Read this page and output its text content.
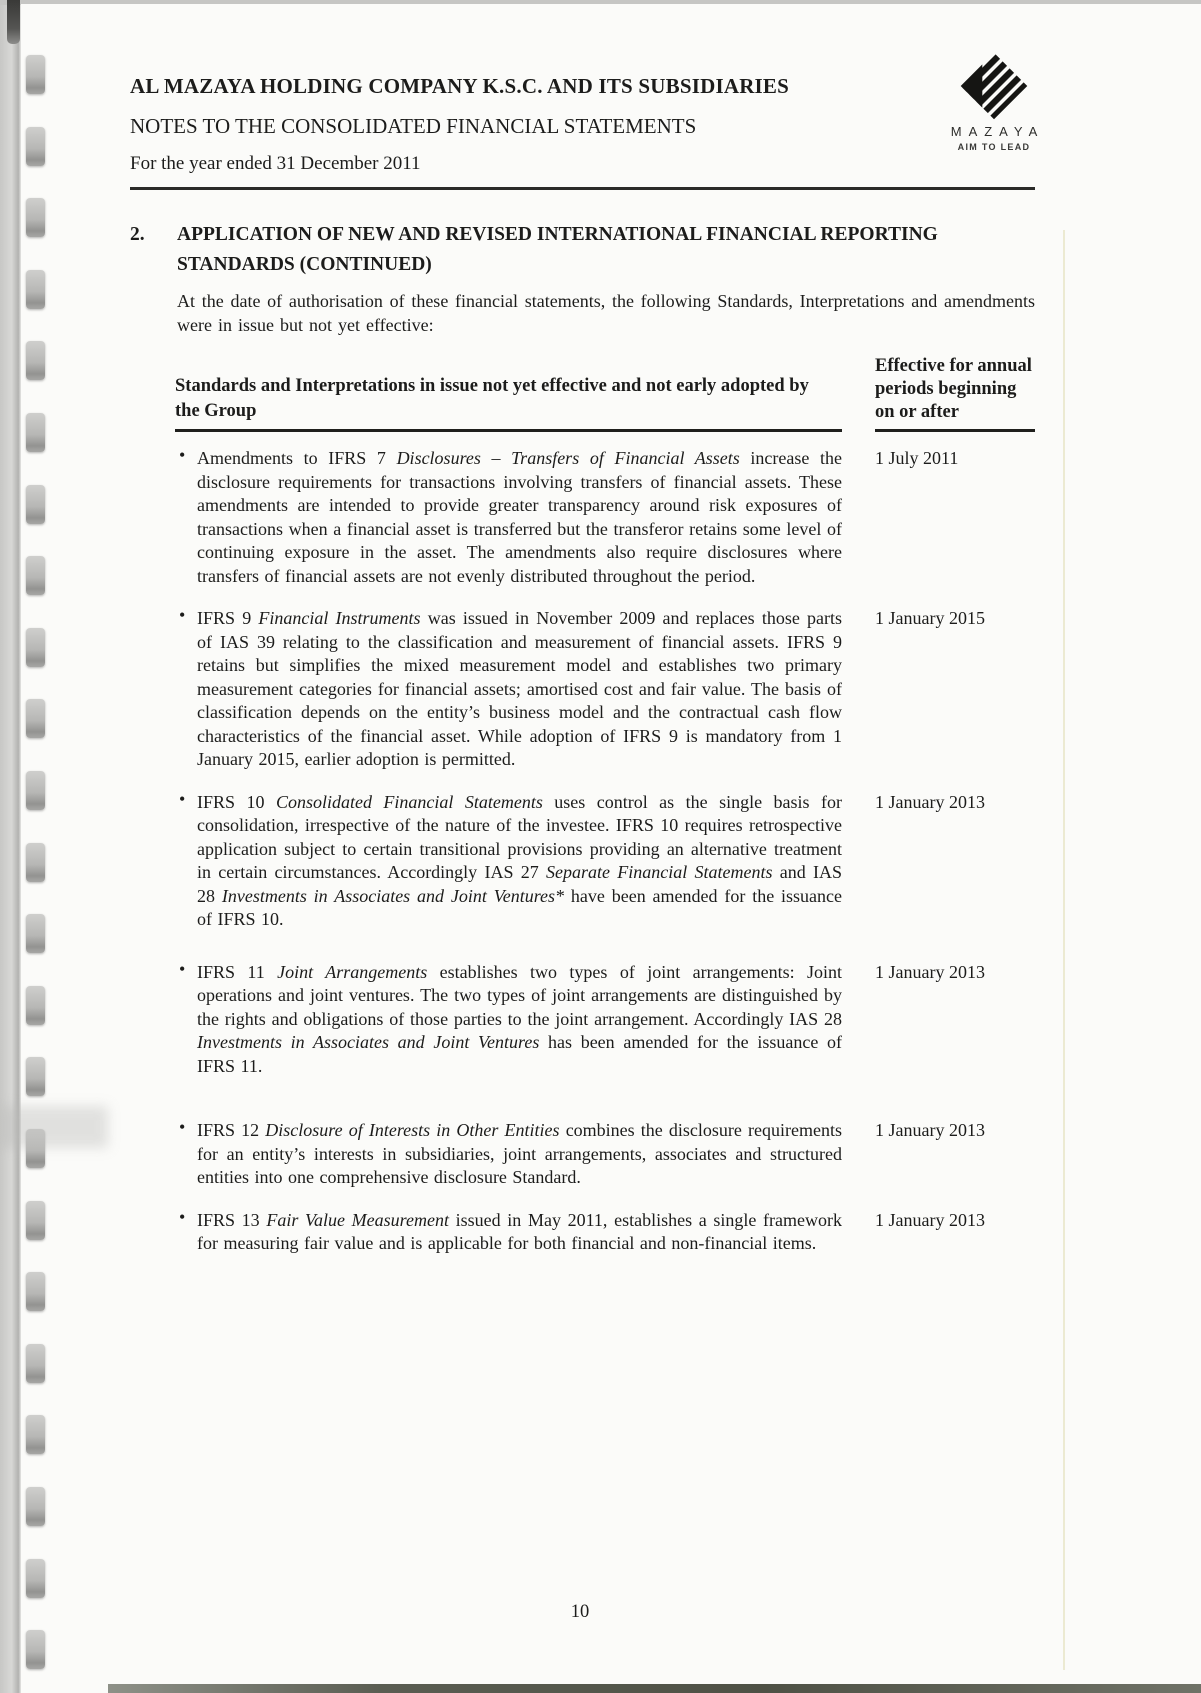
MAZAYA
AIM TO LEAD
AL MAZAYA HOLDING COMPANY K.S.C. AND ITS SUBSIDIARIES
NOTES TO THE CONSOLIDATED FINANCIAL STATEMENTS
For the year ended 31 December 2011
2.	APPLICATION OF NEW AND REVISED INTERNATIONAL FINANCIAL REPORTING
STANDARDS (CONTINUED)

At the date of authorisation of these financial statements, the following Standards, Interpretations and amendments were in issue but not yet effective:

Standards and Interpretations in issue not yet effective and not early adopted by
the Group
Effective for annual periods beginning on or after
• Amendments to IFRS 7 Disclosures – Transfers of Financial Assets increase the disclosure requirements for transactions involving transfers of financial assets. These amendments are intended to provide greater transparency around risk exposures of transactions when a financial asset is transferred but the transferor retains some level of continuing exposure in the asset. The amendments also require disclosures where transfers of financial assets are not evenly distributed throughout the period.

1 July 2011
• IFRS 9 Financial Instruments was issued in November 2009 and replaces those parts of IAS 39 relating to the classification and measurement of financial assets. IFRS 9 retains but simplifies the mixed measurement model and establishes two primary measurement categories for financial assets; amortised cost and fair value. The basis of classification depends on the entity’s business model and the contractual cash flow characteristics of the financial asset. While adoption of IFRS 9 is mandatory from 1 January 2015, earlier adoption is permitted.

1 January 2015
• IFRS 10 Consolidated Financial Statements uses control as the single basis for consolidation, irrespective of the nature of the investee. IFRS 10 requires retrospective application subject to certain transitional provisions providing an alternative treatment in certain circumstances. Accordingly IAS 27 Separate Financial Statements and IAS 28 Investments in Associates and Joint Ventures* have been amended for the issuance of IFRS 10.

1 January 2013
• IFRS 11 Joint Arrangements establishes two types of joint arrangements: Joint operations and joint ventures. The two types of joint arrangements are distinguished by the rights and obligations of those parties to the joint arrangement. Accordingly IAS 28 Investments in Associates and Joint Ventures has been amended for the issuance of IFRS 11.

1 January 2013
• IFRS 12 Disclosure of Interests in Other Entities combines the disclosure requirements for an entity’s interests in subsidiaries, joint arrangements, associates and structured entities into one comprehensive disclosure Standard.

1 January 2013
• IFRS 13 Fair Value Measurement issued in May 2011, establishes a single framework for measuring fair value and is applicable for both financial and non-financial items.

1 January 2013
10
